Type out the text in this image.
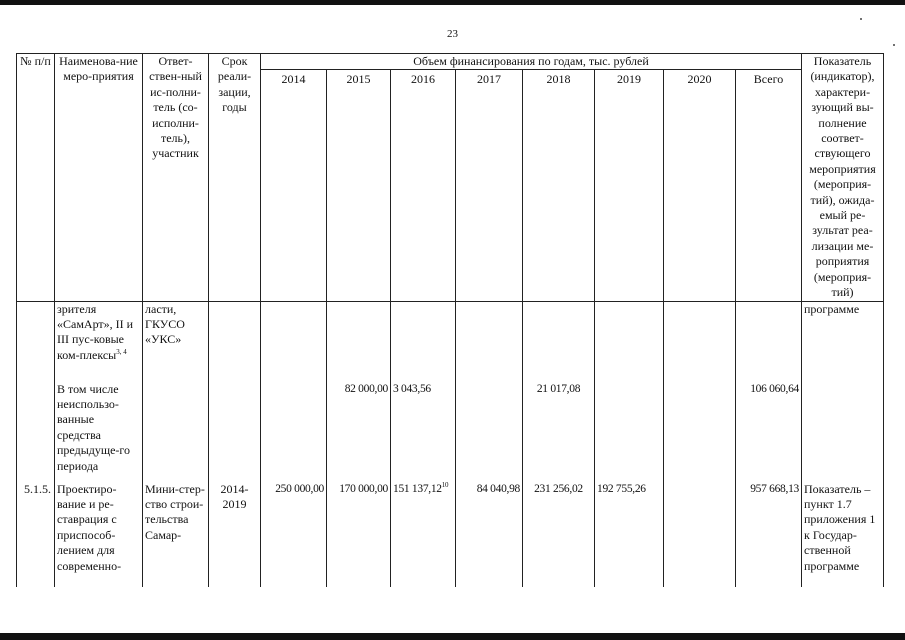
23
№ п/п	Наименова-ние меро-приятия	Ответ-ствен-ный ис-полни-тель (со-исполни-тель), участник	Срок реали-зации, годы	Объем финансирования по годам, тыс. рублей								Показатель (индикатор), характери-зующий вы-полнение соответ-ствующего мероприятия (мероприя-тий), ожида-емый ре-зультат реа-лизации ме-роприятия (мероприя-тий)
				2014	2015	2016	2017	2018	2019	2020	Всего	
	зрителя «СамАрт», II и III пус-ковые ком-плексы$^{3, 4}$	ласти, ГКУСО «УКС»										программе
	В том числе неиспользо-ванные средства предыдуще-го периода				82 000,00	3 043,56		21 017,08			106 060,64	
5.1.5.	Проектиро-вание и ре-ставрация с приспособ-лением для современно-	Мини-стер-ство строи-тельства Самар-	2014-2019	250 000,00	170 000,00	151 137,12$^{10}$	84 040,98	231 256,02	192 755,26		957 668,13	Показатель – пункт 1.7 приложения 1 к Государ-ственной программе
